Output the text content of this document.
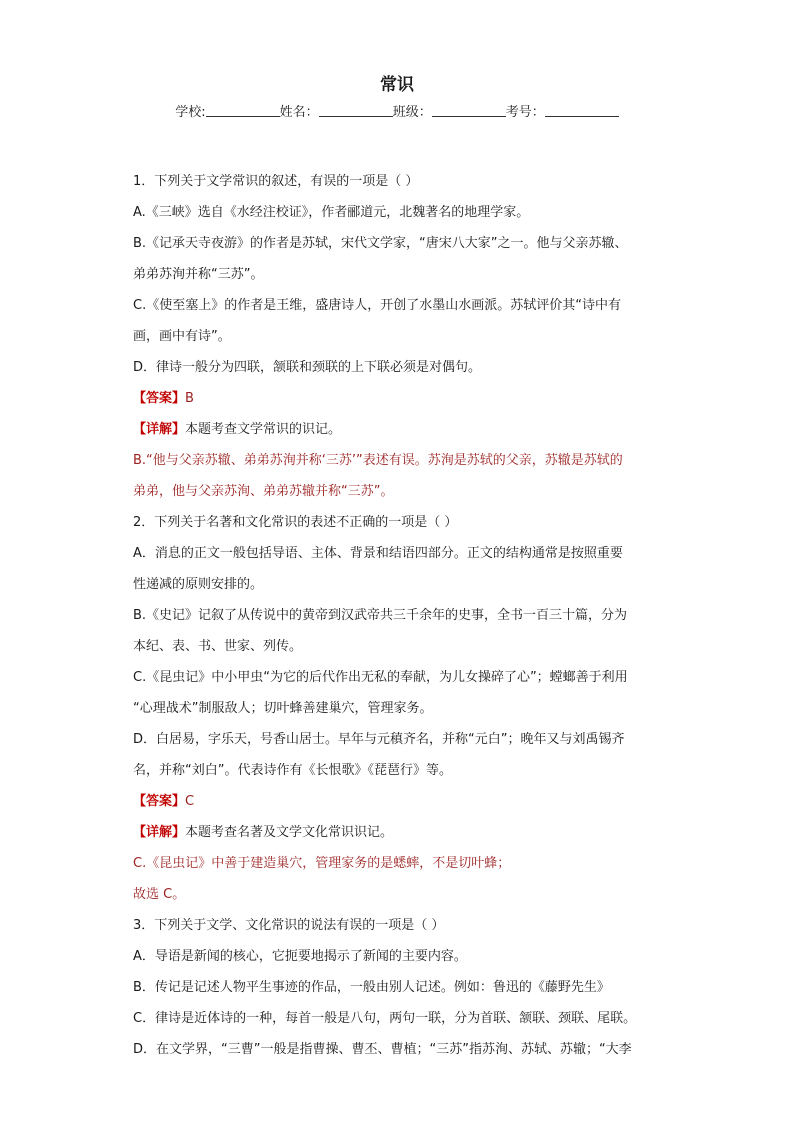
常识
学校:	姓名：	班级：	考号：

1．下列关于文学常识的叙述，有误的一项是（ ）

A.《三峡》选自《水经注校证》，作者郦道元，北魏著名的地理学家。

B.《记承天寺夜游》的作者是苏轼，宋代文学家，“唐宋八大家”之一。他与父亲苏辙、

弟弟苏洵并称“三苏”。

C.《使至塞上》的作者是王维，盛唐诗人，开创了水墨山水画派。苏轼评价其“诗中有

画，画中有诗”。

D．律诗一般分为四联，颔联和颈联的上下联必须是对偶句。

【答案】B

【详解】本题考查文学常识的识记。

B.“他与父亲苏辙、弟弟苏洵并称‘三苏’”表述有误。苏洵是苏轼的父亲，苏辙是苏轼的

弟弟，他与父亲苏洵、弟弟苏辙并称“三苏”。

2．下列关于名著和文化常识的表述不正确的一项是（ ）

A．消息的正文一般包括导语、主体、背景和结语四部分。正文的结构通常是按照重要

性递减的原则安排的。

B.《史记》记叙了从传说中的黄帝到汉武帝共三千余年的史事，全书一百三十篇，分为

本纪、表、书、世家、列传。

C.《昆虫记》中小甲虫“为它的后代作出无私的奉献，为儿女操碎了心”；螳螂善于利用

“心理战术”制服敌人；切叶蜂善建巢穴，管理家务。

D．白居易，字乐天，号香山居士。早年与元稹齐名，并称“元白”；晚年又与刘禹锡齐

名，并称“刘白”。代表诗作有《长恨歌》《琵琶行》等。

【答案】C

【详解】本题考查名著及文学文化常识识记。

C.《昆虫记》中善于建造巢穴，管理家务的是蟋蟀，不是切叶蜂；

故选 C。

3．下列关于文学、文化常识的说法有误的一项是（ ）

A．导语是新闻的核心，它扼要地揭示了新闻的主要内容。

B．传记是记述人物平生事迹的作品，一般由别人记述。例如：鲁迅的《藤野先生》

C．律诗是近体诗的一种，每首一般是八句，两句一联，分为首联、颔联、颈联、尾联。

D．在文学界，“三曹”一般是指曹操、曹丕、曹植；“三苏”指苏洵、苏轼、苏辙；“大李
